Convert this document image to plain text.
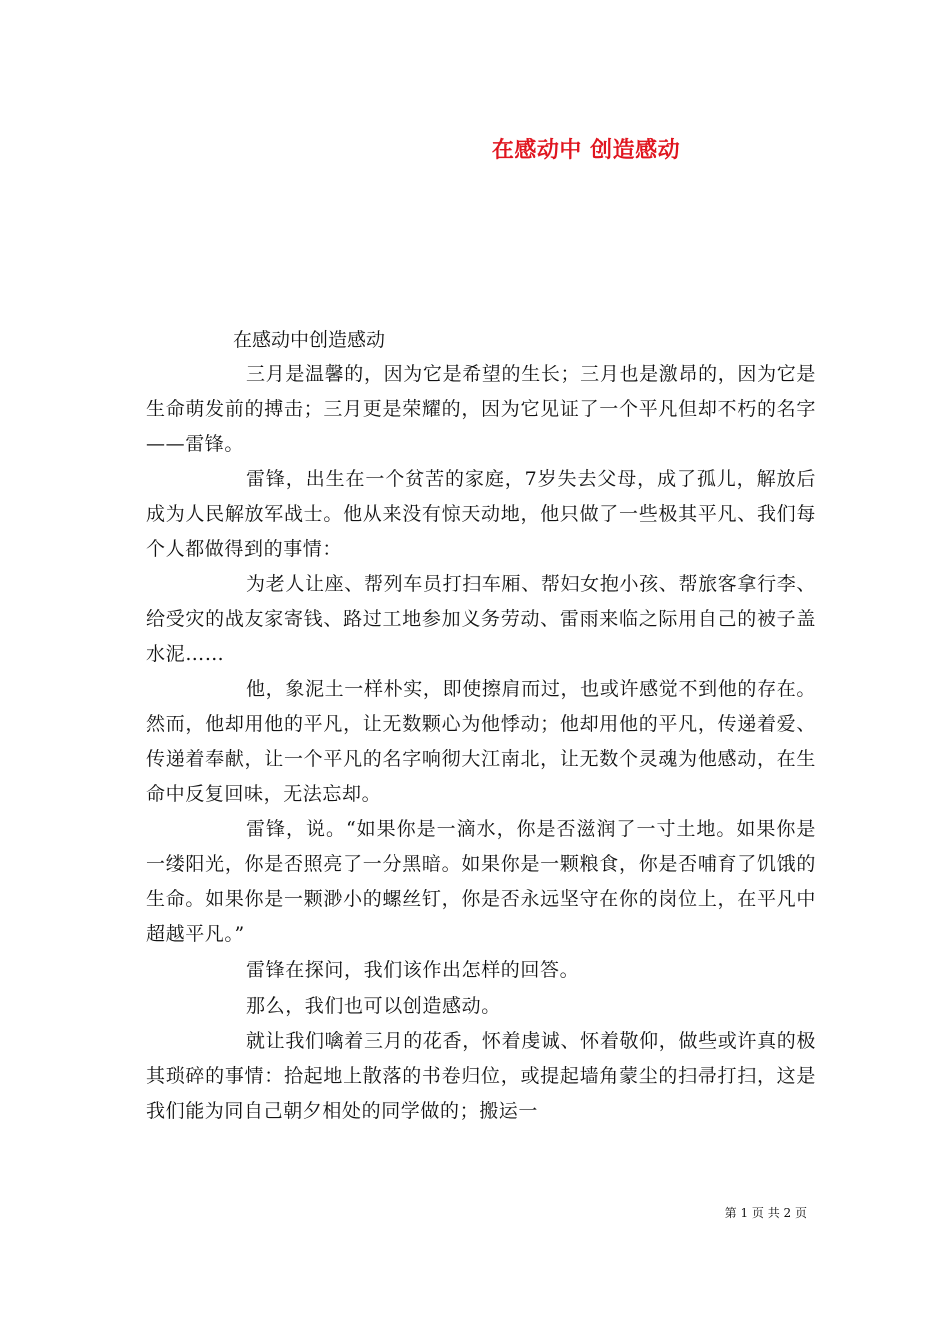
在感动中 创造感动
在感动中创造感动

三月是温馨的，因为它是希望的生长；三月也是激昂的，因为它是生命萌发前的搏击；三月更是荣耀的，因为它见证了一个平凡但却不朽的名字——雷锋。

雷锋，出生在一个贫苦的家庭，7岁失去父母，成了孤儿，解放后成为人民解放军战士。他从来没有惊天动地，他只做了一些极其平凡、我们每个人都做得到的事情：

为老人让座、帮列车员打扫车厢、帮妇女抱小孩、帮旅客拿行李、给受灾的战友家寄钱、路过工地参加义务劳动、雷雨来临之际用自己的被子盖水泥……

他，象泥土一样朴实，即使擦肩而过，也或许感觉不到他的存在。然而，他却用他的平凡，让无数颗心为他悸动；他却用他的平凡，传递着爱、传递着奉献，让一个平凡的名字响彻大江南北，让无数个灵魂为他感动，在生命中反复回味，无法忘却。

雷锋，说。“如果你是一滴水，你是否滋润了一寸土地。如果你是一缕阳光，你是否照亮了一分黑暗。如果你是一颗粮食，你是否哺育了饥饿的生命。如果你是一颗渺小的螺丝钉，你是否永远坚守在你的岗位上，在平凡中超越平凡。”

雷锋在探问，我们该作出怎样的回答。

那么，我们也可以创造感动。

就让我们噙着三月的花香，怀着虔诚、怀着敬仰，做些或许真的极其琐碎的事情：拾起地上散落的书卷归位，或提起墙角蒙尘的扫帚打扫，这是我们能为同自己朝夕相处的同学做的；搬运一

第 1 页 共 2 页
